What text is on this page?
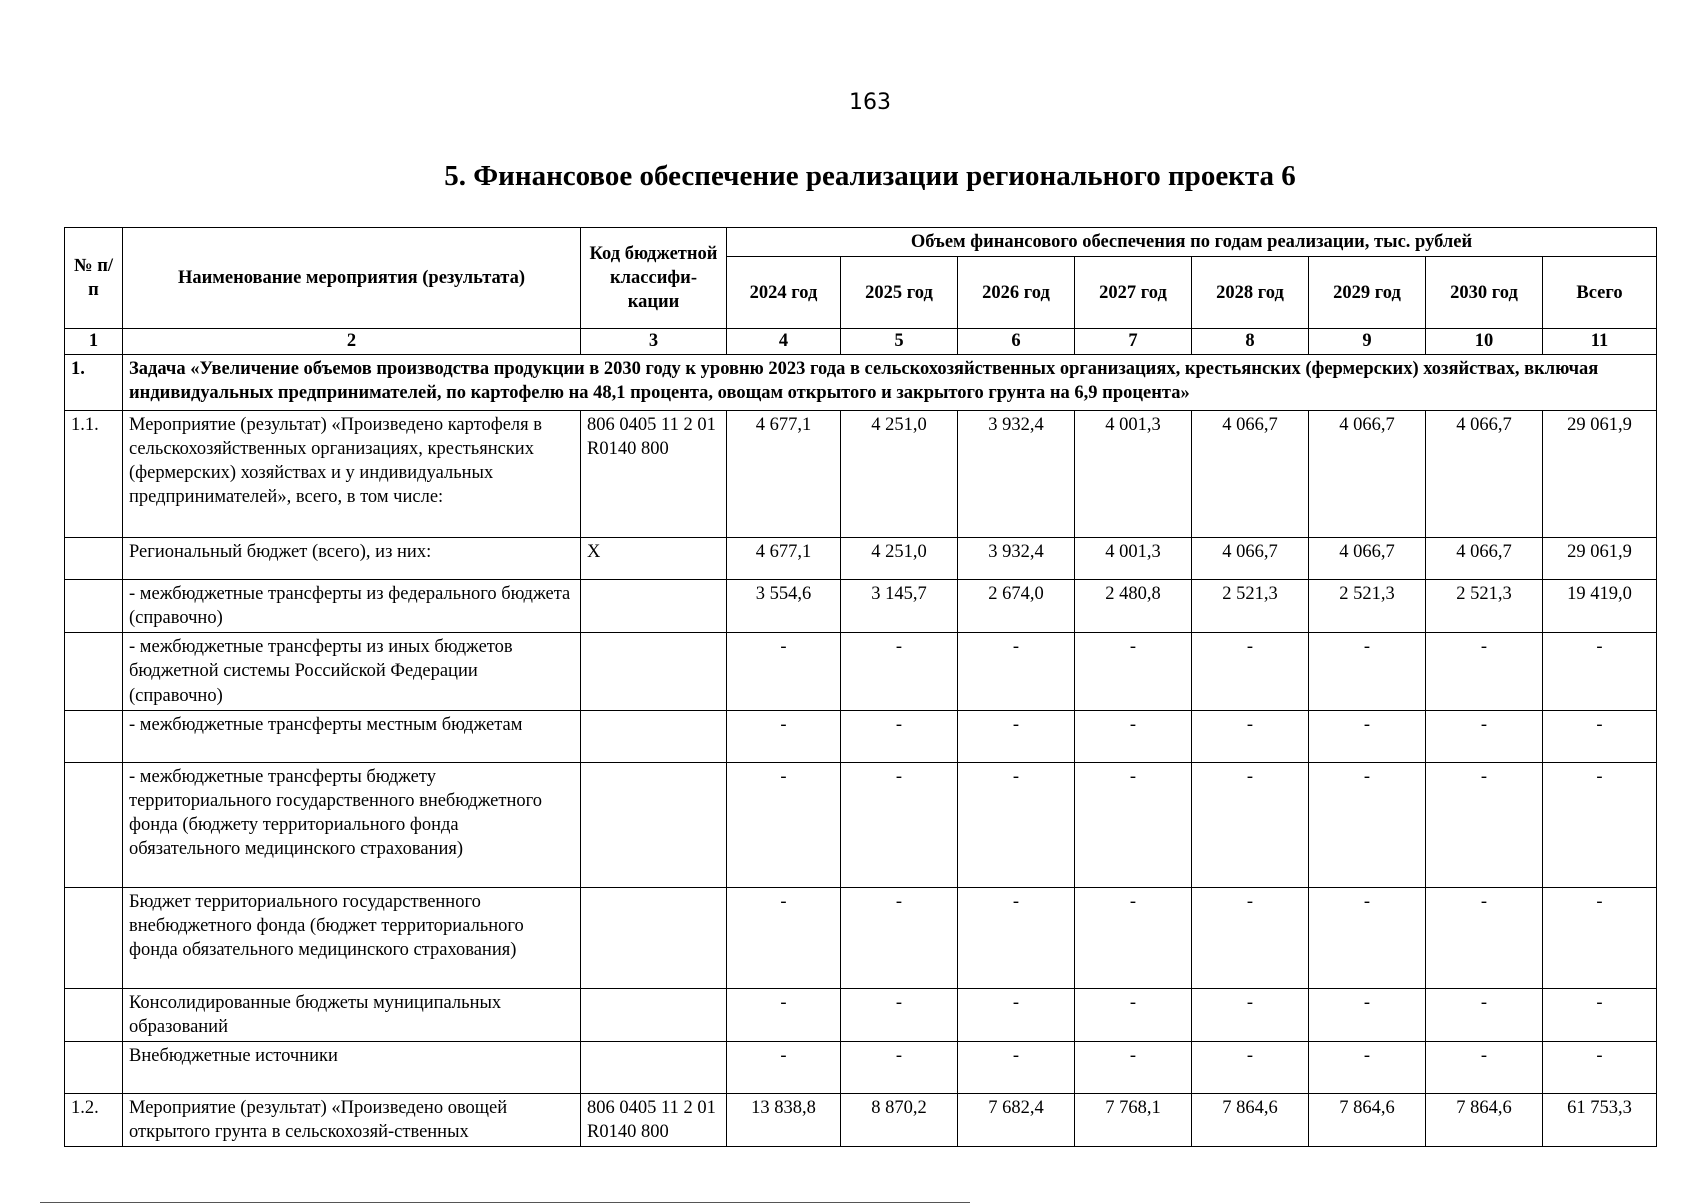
163
5. Финансовое обеспечение реализации регионального проекта 6
№ п/п	Наименование мероприятия (результата)	Код бюджетной классифи-кации	Объем финансового обеспечения по годам реализации, тыс. рублей							
			2024 год	2025 год	2026 год	2027 год	2028 год	2029 год	2030 год	Всего
1	2	3	4	5	6	7	8	9	10	11
1.	Задача «Увеличение объемов производства продукции в 2030 году к уровню 2023 года в сельскохозяйственных организациях, крестьянских (фермерских) хозяйствах, включая индивидуальных предпринимателей, по картофелю на 48,1 процента, овощам открытого и закрытого грунта на 6,9 процента»									
1.1.	Мероприятие (результат) «Произведено картофеля в сельскохозяйственных организациях, крестьянских (фермерских) хозяйствах и у индивидуальных предпринимателей», всего, в том числе:	806 0405 11 2 01 R0140 800	4 677,1	4 251,0	3 932,4	4 001,3	4 066,7	4 066,7	4 066,7	29 061,9
	Региональный бюджет (всего), из них:	X	4 677,1	4 251,0	3 932,4	4 001,3	4 066,7	4 066,7	4 066,7	29 061,9
	- межбюджетные трансферты из федерального бюджета (справочно)		3 554,6	3 145,7	2 674,0	2 480,8	2 521,3	2 521,3	2 521,3	19 419,0
	- межбюджетные трансферты из иных бюджетов бюджетной системы Российской Федерации (справочно)		-	-	-	-	-	-	-	-
	- межбюджетные трансферты местным бюджетам		-	-	-	-	-	-	-	-
	- межбюджетные трансферты бюджету территориального государственного внебюджетного фонда (бюджету территориального фонда обязательного медицинского страхования)		-	-	-	-	-	-	-	-
	Бюджет территориального государственного внебюджетного фонда (бюджет территориального фонда обязательного медицинского страхования)		-	-	-	-	-	-	-	-
	Консолидированные бюджеты муниципальных образований		-	-	-	-	-	-	-	-
	Внебюджетные источники		-	-	-	-	-	-	-	-
1.2.	Мероприятие (результат) «Произведено овощей открытого грунта в сельскохозяй-ственных	806 0405 11 2 01 R0140 800	13 838,8	8 870,2	7 682,4	7 768,1	7 864,6	7 864,6	7 864,6	61 753,3
